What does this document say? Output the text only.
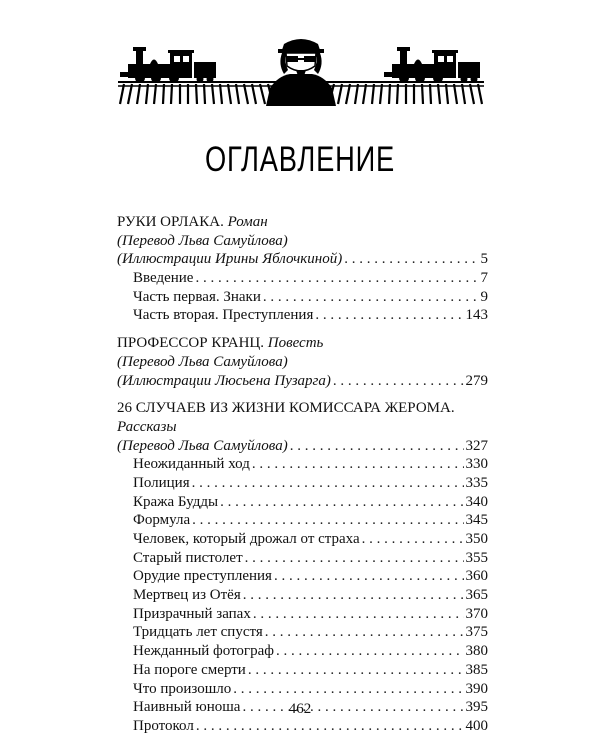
ОГЛАВЛЕНИЕ
РУКИ ОРЛАКА. Роман
(Перевод Льва Самуйлова)
(Иллюстрации Ирины Яблочкиной) . . .	5
Введение . . .	7
Часть первая. Знаки . . .	9
Часть вторая. Преступления . . .	143
ПРОФЕССОР КРАНЦ. Повесть
(Перевод Льва Самуйлова)
(Иллюстрации Люсьена Пузарга) . . .	279
26 СЛУЧАЕВ ИЗ ЖИЗНИ КОМИССАРА ЖЕРОМА.
Рассказы
(Перевод Льва Самуйлова) . . .	327
Неожиданный ход . . .	330
Полиция . . .	335
Кража Будды . . .	340
Формула . . .	345
Человек, который дрожал от страха . . .	350
Старый пистолет . . .	355
Орудие преступления . . .	360
Мертвец из Отёя . . .	365
Призрачный запах . . .	370
Тридцать лет спустя . . .	375
Нежданный фотограф . . .	380
На пороге смерти . . .	385
Что произошло . . .	390
Наивный юноша . . .	395
Протокол . . .	400
462
